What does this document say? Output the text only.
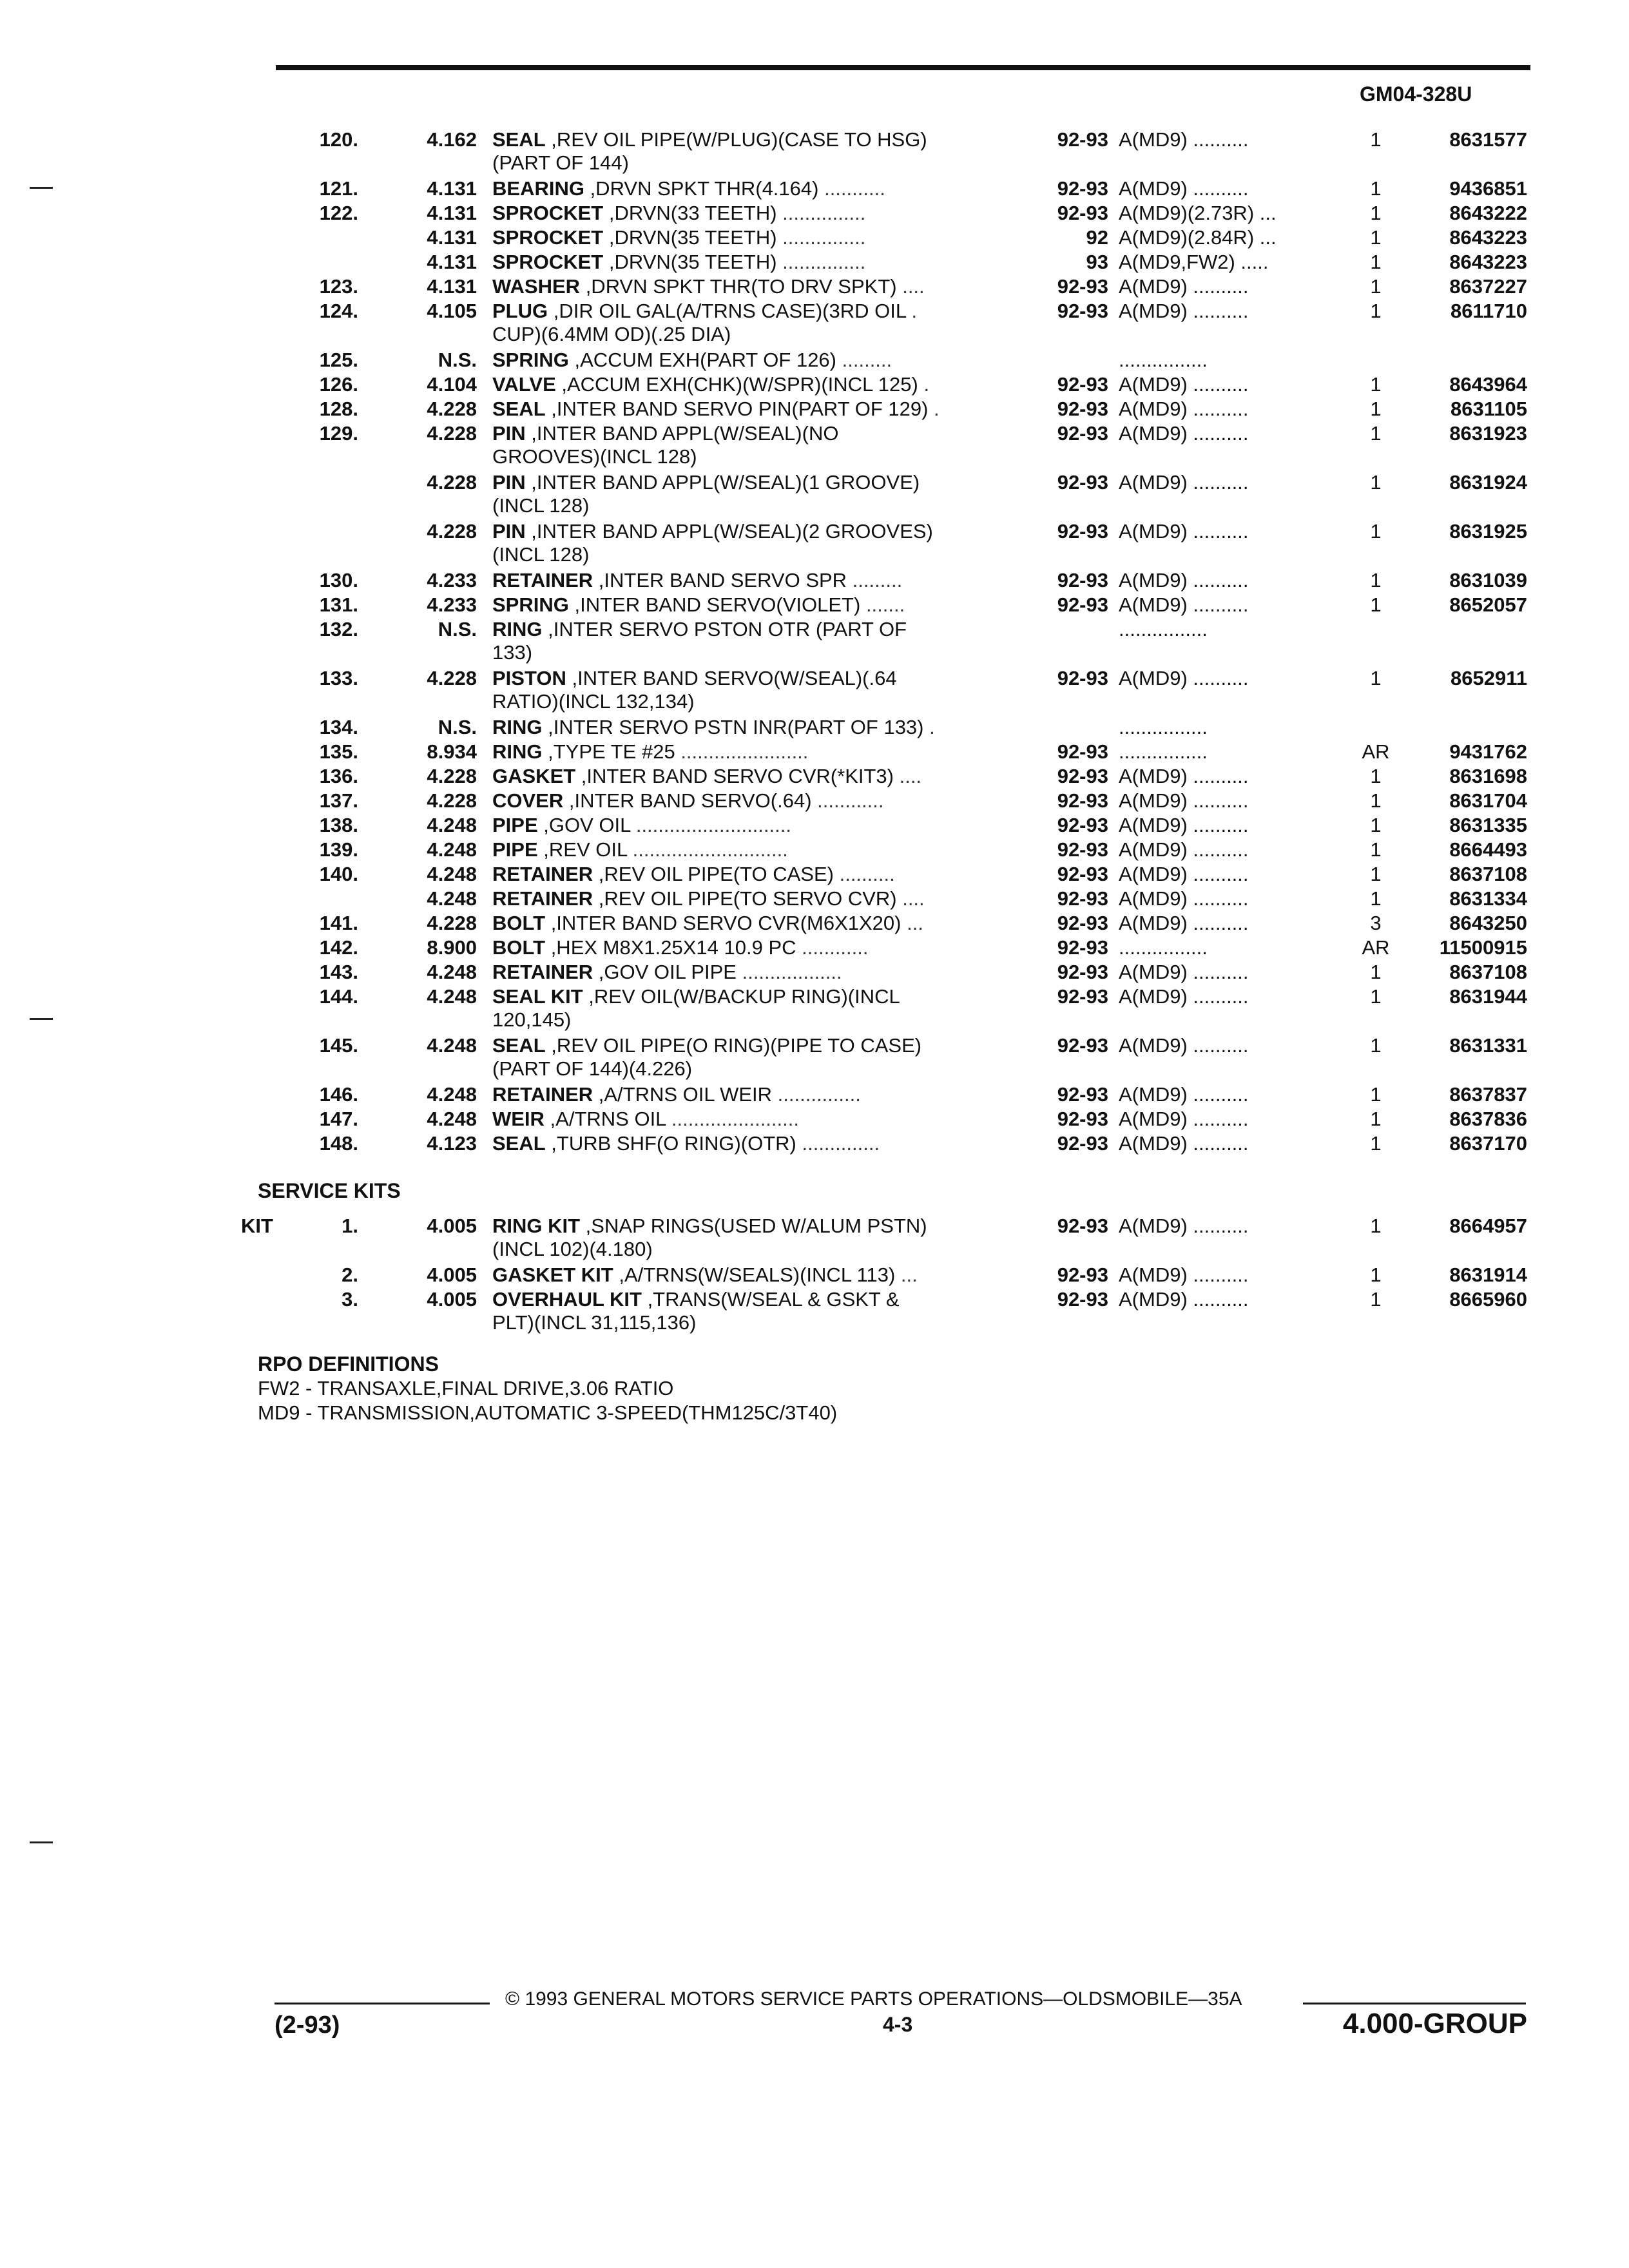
GM04-328U
120.	4.162 SEAL ,REV OIL PIPE(W/PLUG)(CASE TO HSG)	92-93 A(MD9) ..........	1	8631577
(PART OF 144)
121.	4.131 BEARING ,DRVN SPKT THR(4.164) ...........	92-93 A(MD9) ..........	1	9436851
122.	4.131 SPROCKET ,DRVN(33 TEETH) ...............	92-93 A(MD9)(2.73R) ...	1	8643222
4.131 SPROCKET ,DRVN(35 TEETH) ...............	92 A(MD9)(2.84R) ...	1	8643223
4.131 SPROCKET ,DRVN(35 TEETH) ...............	93 A(MD9,FW2) .....	1	8643223
123.	4.131 WASHER ,DRVN SPKT THR(TO DRV SPKT) ....	92-93 A(MD9) ..........	1	8637227
124.	4.105 PLUG ,DIR OIL GAL(A/TRNS CASE)(3RD OIL .	92-93 A(MD9) ..........	1	8611710
CUP)(6.4MM OD)(.25 DIA)
125.	N.S. SPRING ,ACCUM EXH(PART OF 126) .........	................
126.	4.104 VALVE ,ACCUM EXH(CHK)(W/SPR)(INCL 125) .	92-93 A(MD9) ..........	1	8643964
128.	4.228 SEAL ,INTER BAND SERVO PIN(PART OF 129) .	92-93 A(MD9) ..........	1	8631105
129.	4.228 PIN ,INTER BAND APPL(W/SEAL)(NO	92-93 A(MD9) ..........	1	8631923
GROOVES)(INCL 128)
4.228 PIN ,INTER BAND APPL(W/SEAL)(1 GROOVE)	92-93 A(MD9) ..........	1	8631924
(INCL 128)
4.228 PIN ,INTER BAND APPL(W/SEAL)(2 GROOVES)	92-93 A(MD9) ..........	1	8631925
(INCL 128)
130.	4.233 RETAINER ,INTER BAND SERVO SPR .........	92-93 A(MD9) ..........	1	8631039
131.	4.233 SPRING ,INTER BAND SERVO(VIOLET) .......	92-93 A(MD9) ..........	1	8652057
132.	N.S. RING ,INTER SERVO PSTON OTR (PART OF	................
133)
133.	4.228 PISTON ,INTER BAND SERVO(W/SEAL)(.64	92-93 A(MD9) ..........	1	8652911
RATIO)(INCL 132,134)
134.	N.S. RING ,INTER SERVO PSTN INR(PART OF 133) .	................
135.	8.934 RING ,TYPE TE #25 .......................	92-93 ................	AR	9431762
136.	4.228 GASKET ,INTER BAND SERVO CVR(*KIT3) ....	92-93 A(MD9) ..........	1	8631698
137.	4.228 COVER ,INTER BAND SERVO(.64) ............	92-93 A(MD9) ..........	1	8631704
138.	4.248 PIPE ,GOV OIL ............................	92-93 A(MD9) ..........	1	8631335
139.	4.248 PIPE ,REV OIL ............................	92-93 A(MD9) ..........	1	8664493
140.	4.248 RETAINER ,REV OIL PIPE(TO CASE) ..........	92-93 A(MD9) ..........	1	8637108
4.248 RETAINER ,REV OIL PIPE(TO SERVO CVR) ....	92-93 A(MD9) ..........	1	8631334
141.	4.228 BOLT ,INTER BAND SERVO CVR(M6X1X20) ...	92-93 A(MD9) ..........	3	8643250
142.	8.900 BOLT ,HEX M8X1.25X14 10.9 PC ............	92-93 ................	AR	11500915
143.	4.248 RETAINER ,GOV OIL PIPE ..................	92-93 A(MD9) ..........	1	8637108
144.	4.248 SEAL KIT ,REV OIL(W/BACKUP RING)(INCL	92-93 A(MD9) ..........	1	8631944
120,145)
145.	4.248 SEAL ,REV OIL PIPE(O RING)(PIPE TO CASE)	92-93 A(MD9) ..........	1	8631331
(PART OF 144)(4.226)
146.	4.248 RETAINER ,A/TRNS OIL WEIR ...............	92-93 A(MD9) ..........	1	8637837
147.	4.248 WEIR ,A/TRNS OIL .......................	92-93 A(MD9) ..........	1	8637836
148.	4.123 SEAL ,TURB SHF(O RING)(OTR) ..............	92-93 A(MD9) ..........	1	8637170
SERVICE KITS
KIT	1.	4.005 RING KIT ,SNAP RINGS(USED W/ALUM PSTN)	92-93 A(MD9) ..........	1	8664957
(INCL 102)(4.180)
2.	4.005 GASKET KIT ,A/TRNS(W/SEALS)(INCL 113) ...	92-93 A(MD9) ..........	1	8631914
3.	4.005 OVERHAUL KIT ,TRANS(W/SEAL & GSKT &	92-93 A(MD9) ..........	1	8665960
PLT)(INCL 31,115,136)
RPO DEFINITIONS
FW2 - TRANSAXLE,FINAL DRIVE,3.06 RATIO
MD9 - TRANSMISSION,AUTOMATIC 3-SPEED(THM125C/3T40)
© 1993 GENERAL MOTORS SERVICE PARTS OPERATIONS—OLDSMOBILE—35A
(2-93)	4-3	4.000-GROUP
